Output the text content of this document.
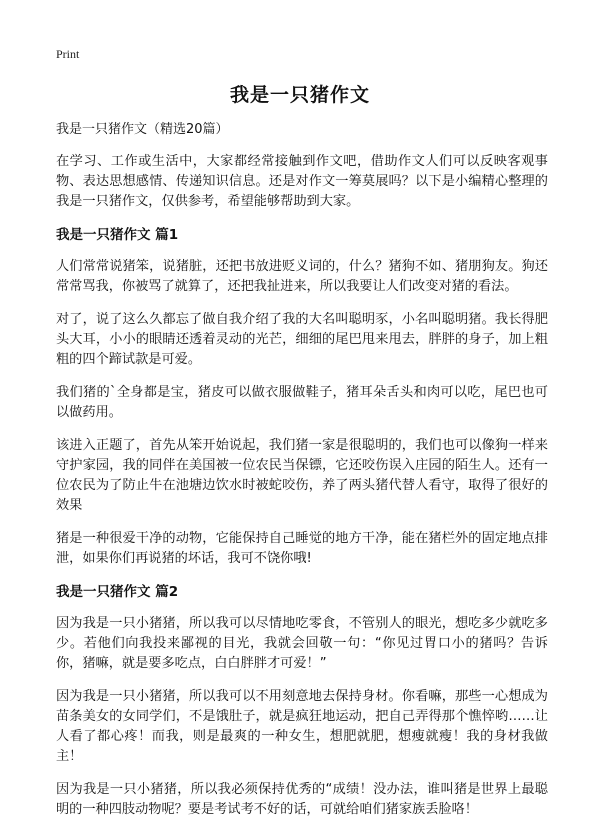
Print
我是一只猪作文
我是一只猪作文（精选20篇）

在学习、工作或生活中，大家都经常接触到作文吧，借助作文人们可以反映客观事物、表达思想感情、传递知识信息。还是对作文一筹莫展吗？以下是小编精心整理的我是一只猪作文，仅供参考，希望能够帮助到大家。

我是一只猪作文 篇1

人们常常说猪笨，说猪脏，还把书放进贬义词的，什么？猪狗不如、猪朋狗友。狗还常常骂我，你被骂了就算了，还把我扯进来，所以我要让人们改变对猪的看法。

对了，说了这么久都忘了做自我介绍了我的大名叫聪明豕，小名叫聪明猪。我长得肥头大耳，小小的眼睛还透着灵动的光芒，细细的尾巴甩来甩去，胖胖的身子，加上粗粗的四个蹄试款是可爱。

我们猪的`全身都是宝，猪皮可以做衣服做鞋子，猪耳朵舌头和肉可以吃，尾巴也可以做药用。

该进入正题了，首先从笨开始说起，我们猪一家是很聪明的，我们也可以像狗一样来守护家园，我的同伴在美国被一位农民当保镖，它还咬伤误入庄园的陌生人。还有一位农民为了防止牛在池塘边饮水时被蛇咬伤，养了两头猪代替人看守，取得了很好的效果

猪是一种很爱干净的动物，它能保持自己睡觉的地方干净，能在猪栏外的固定地点排泄，如果你们再说猪的坏话，我可不饶你哦!

我是一只猪作文 篇2

因为我是一只小猪猪，所以我可以尽情地吃零食，不管别人的眼光，想吃多少就吃多少。若他们向我投来鄙视的目光，我就会回敬一句：“你见过胃口小的猪吗？告诉你，猪嘛，就是要多吃点，白白胖胖才可爱！”

因为我是一只小猪猪，所以我可以不用刻意地去保持身材。你看嘛，那些一心想成为苗条美女的女同学们，不是饿肚子，就是疯狂地运动，把自己弄得那个憔悴哟……让人看了都心疼！而我，则是最爽的一种女生，想肥就肥，想瘦就瘦！我的身材我做主！

因为我是一只小猪猪，所以我必须保持优秀的“成绩！没办法，谁叫猪是世界上最聪明的一种四肢动物呢？要是考试考不好的话，可就给咱们猪家族丢脸咯！
